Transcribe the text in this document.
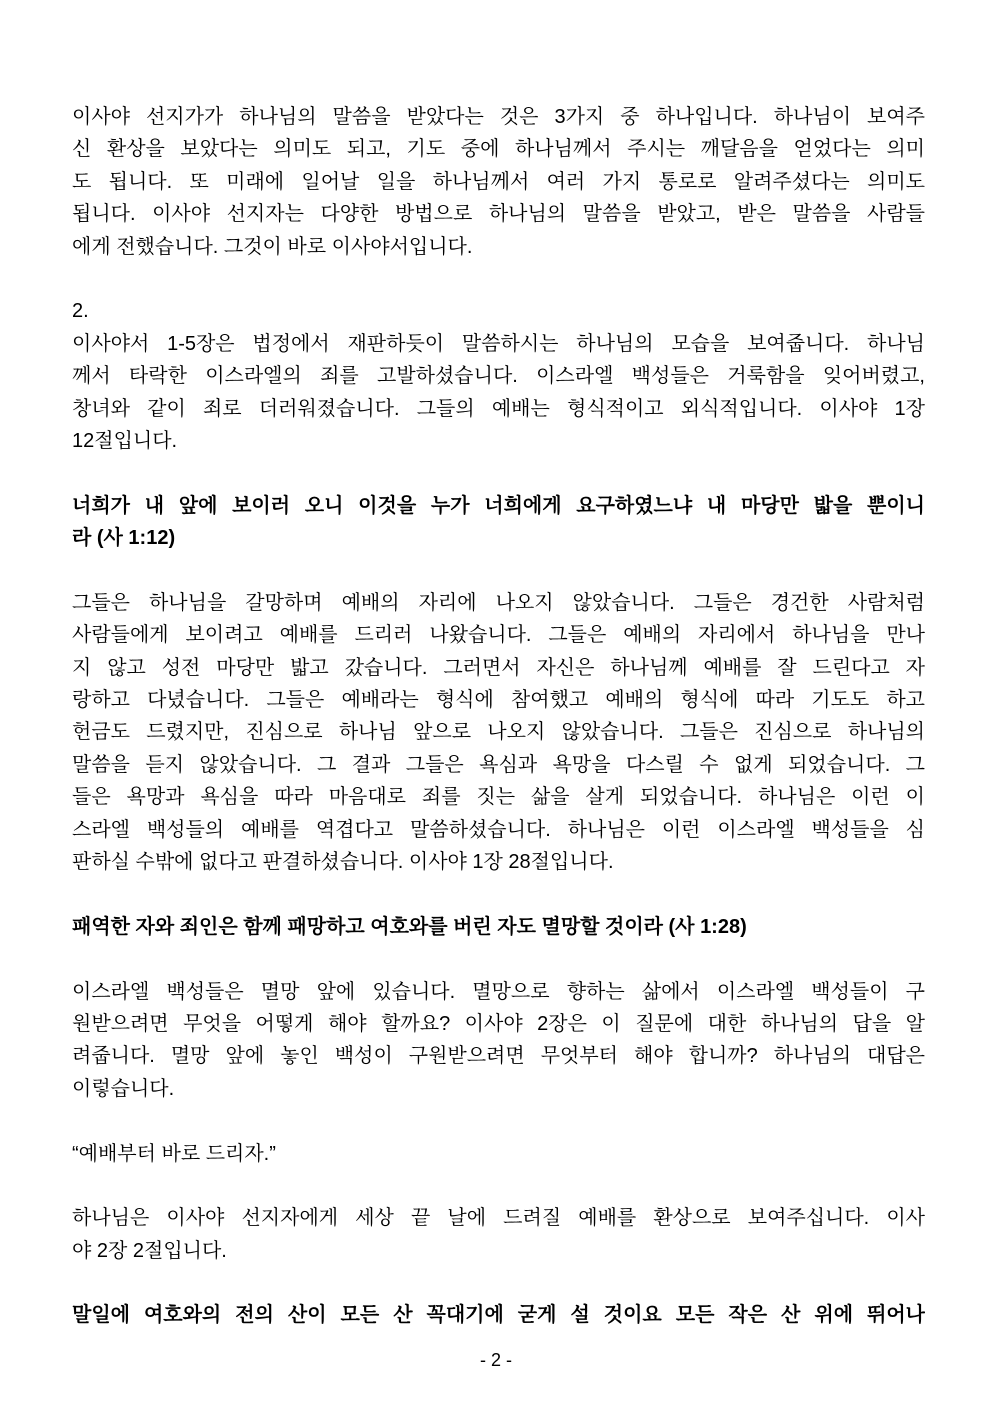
이사야 선지가가 하나님의 말씀을 받았다는 것은 3가지 중 하나입니다. 하나님이 보여주
신 환상을 보았다는 의미도 되고, 기도 중에 하나님께서 주시는 깨달음을 얻었다는 의미
도 됩니다. 또 미래에 일어날 일을 하나님께서 여러 가지 통로로 알려주셨다는 의미도
됩니다. 이사야 선지자는 다양한 방법으로 하나님의 말씀을 받았고, 받은 말씀을 사람들
에게 전했습니다. 그것이 바로 이사야서입니다.
2.
이사야서 1-5장은 법정에서 재판하듯이 말씀하시는 하나님의 모습을 보여줍니다. 하나님
께서 타락한 이스라엘의 죄를 고발하셨습니다. 이스라엘 백성들은 거룩함을 잊어버렸고,
창녀와 같이 죄로 더러워졌습니다. 그들의 예배는 형식적이고 외식적입니다. 이사야 1장
12절입니다.
너희가 내 앞에 보이러 오니 이것을 누가 너희에게 요구하였느냐 내 마당만 밟을 뿐이니
라 (사 1:12)
그들은 하나님을 갈망하며 예배의 자리에 나오지 않았습니다. 그들은 경건한 사람처럼
사람들에게 보이려고 예배를 드리러 나왔습니다. 그들은 예배의 자리에서 하나님을 만나
지 않고 성전 마당만 밟고 갔습니다. 그러면서 자신은 하나님께 예배를 잘 드린다고 자
랑하고 다녔습니다. 그들은 예배라는 형식에 참여했고 예배의 형식에 따라 기도도 하고
헌금도 드렸지만, 진심으로 하나님 앞으로 나오지 않았습니다. 그들은 진심으로 하나님의
말씀을 듣지 않았습니다. 그 결과 그들은 욕심과 욕망을 다스릴 수 없게 되었습니다. 그
들은 욕망과 욕심을 따라 마음대로 죄를 짓는 삶을 살게 되었습니다. 하나님은 이런 이
스라엘 백성들의 예배를 역겹다고 말씀하셨습니다. 하나님은 이런 이스라엘 백성들을 심
판하실 수밖에 없다고 판결하셨습니다. 이사야 1장 28절입니다.
패역한 자와 죄인은 함께 패망하고 여호와를 버린 자도 멸망할 것이라 (사 1:28)
이스라엘 백성들은 멸망 앞에 있습니다. 멸망으로 향하는 삶에서 이스라엘 백성들이 구
원받으려면 무엇을 어떻게 해야 할까요? 이사야 2장은 이 질문에 대한 하나님의 답을 알
려줍니다. 멸망 앞에 놓인 백성이 구원받으려면 무엇부터 해야 합니까? 하나님의 대답은
이렇습니다.
“예배부터 바로 드리자.”
하나님은 이사야 선지자에게 세상 끝 날에 드려질 예배를 환상으로 보여주십니다. 이사
야 2장 2절입니다.
말일에 여호와의 전의 산이 모든 산 꼭대기에 굳게 설 것이요 모든 작은 산 위에 뛰어나
- 2 -
